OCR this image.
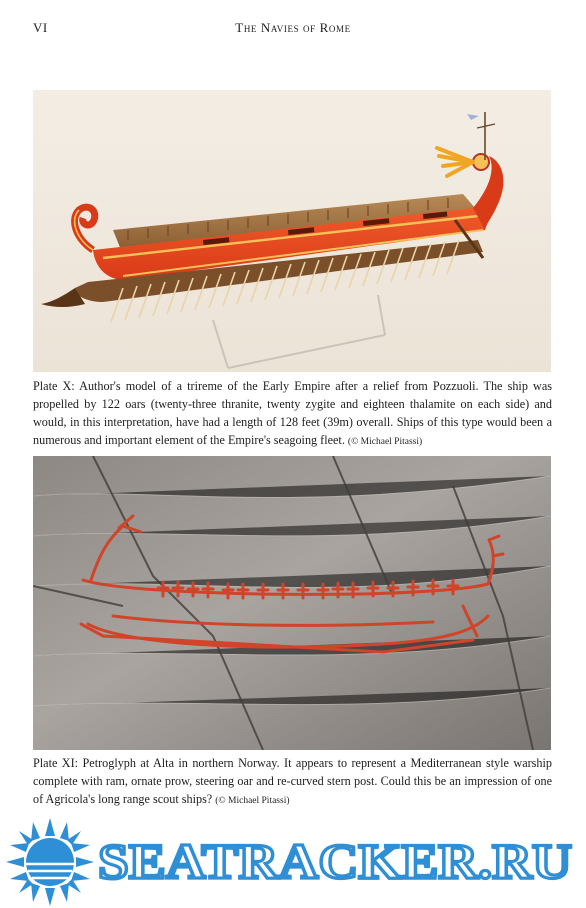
VI	The Navies of Rome
Plate X: Author's model of a trireme of the Early Empire after a relief from Pozzuoli. The ship was propelled by 122 oars (twenty-three thranite, twenty zygite and eighteen thalamite on each side) and would, in this interpretation, have had a length of 128 feet (39m) overall. Ships of this type would been a numerous and important element of the Empire's seagoing fleet. (© Michael Pitassi)
Plate XI: Petroglyph at Alta in northern Norway. It appears to represent a Mediterranean style warship complete with ram, ornate prow, steering oar and re-curved stern post. Could this be an impression of one of Agricola's long range scout ships? (© Michael Pitassi)
SEATRACKER.RU
